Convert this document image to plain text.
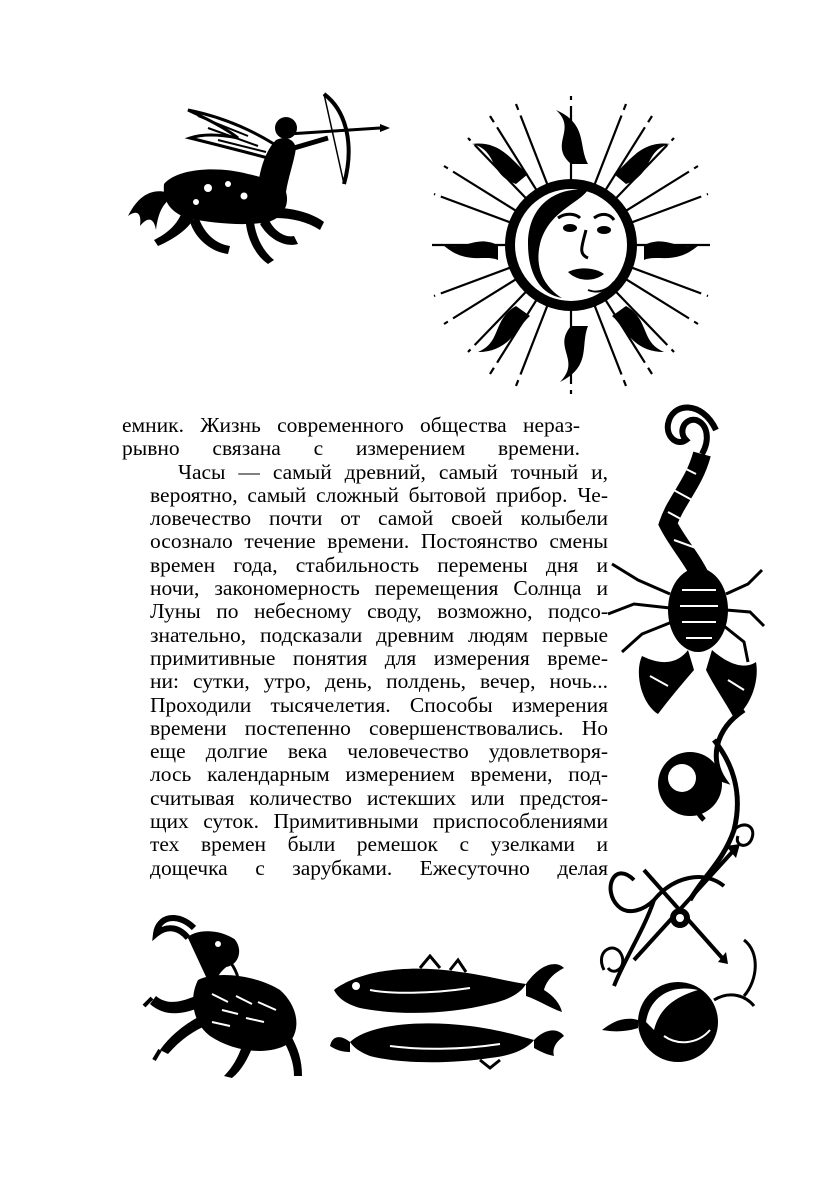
емник. Жизнь современного общества нераз-
рывно связана с измерением времени.

Часы — самый древний, самый точный и,
вероятно, самый сложный бытовой прибор. Че-
ловечество почти от самой своей колыбели
осознало течение времени. Постоянство смены
времен года, стабильность перемены дня и
ночи, закономерность перемещения Солнца и
Луны по небесному своду, возможно, подсо-
знательно, подсказали древним людям первые
примитивные понятия для измерения време-
ни: сутки, утро, день, полдень, вечер, ночь...
Проходили тысячелетия. Способы измерения
времени постепенно совершенствовались. Но
еще долгие века человечество удовлетворя-
лось календарным измерением времени, под-
считывая количество истекших или предстоя-
щих суток. Примитивными приспособлениями
тех времен были ремешок с узелками и
дощечка с зарубками. Ежесуточно делая
